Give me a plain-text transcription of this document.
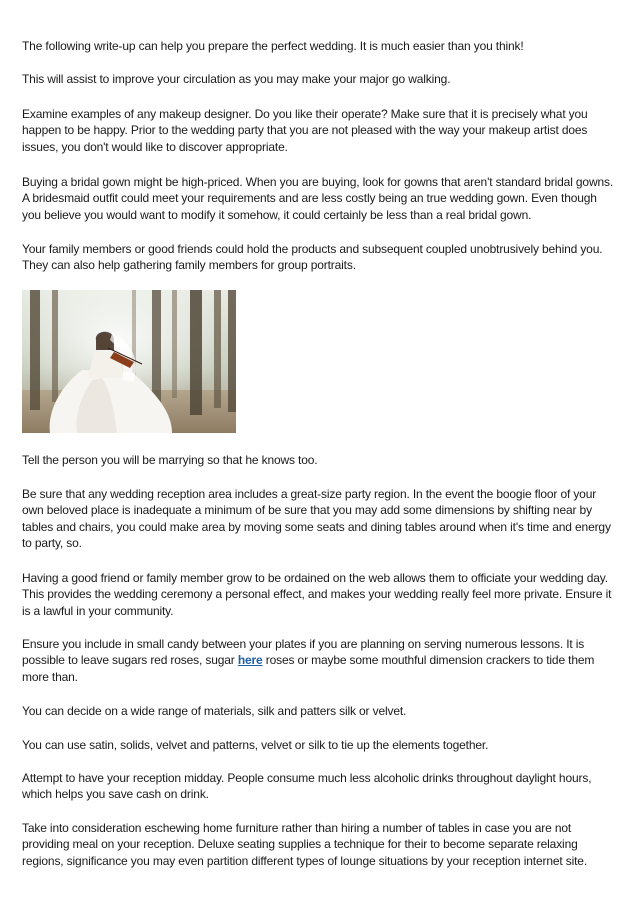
The following write-up can help you prepare the perfect wedding. It is much easier than you think!

This will assist to improve your circulation as you may make your major go walking.

Examine examples of any makeup designer. Do you like their operate? Make sure that it is precisely what you happen to be happy. Prior to the wedding party that you are not pleased with the way your makeup artist does issues, you don't would like to discover appropriate.

Buying a bridal gown might be high-priced. When you are buying, look for gowns that aren't standard bridal gowns. A bridesmaid outfit could meet your requirements and are less costly being an true wedding gown. Even though you believe you would want to modify it somehow, it could certainly be less than a real bridal gown.

Your family members or good friends could hold the products and subsequent coupled unobtrusively behind you. They can also help gathering family members for group portraits.

Tell the person you will be marrying so that he knows too.

Be sure that any wedding reception area includes a great-size party region. In the event the boogie floor of your own beloved place is inadequate a minimum of be sure that you may add some dimensions by shifting near by tables and chairs, you could make area by moving some seats and dining tables around when it's time and energy to party, so.

Having a good friend or family member grow to be ordained on the web allows them to officiate your wedding day. This provides the wedding ceremony a personal effect, and makes your wedding really feel more private. Ensure it is a lawful in your community.

Ensure you include in small candy between your plates if you are planning on serving numerous lessons. It is possible to leave sugars red roses, sugar here roses or maybe some mouthful dimension crackers to tide them more than.

You can decide on a wide range of materials, silk and patters silk or velvet.

You can use satin, solids, velvet and patterns, velvet or silk to tie up the elements together.

Attempt to have your reception midday. People consume much less alcoholic drinks throughout daylight hours, which helps you save cash on drink.

Take into consideration eschewing home furniture rather than hiring a number of tables in case you are not providing meal on your reception. Deluxe seating supplies a technique for their to become separate relaxing regions, significance you may even partition different types of lounge situations by your reception internet site.
